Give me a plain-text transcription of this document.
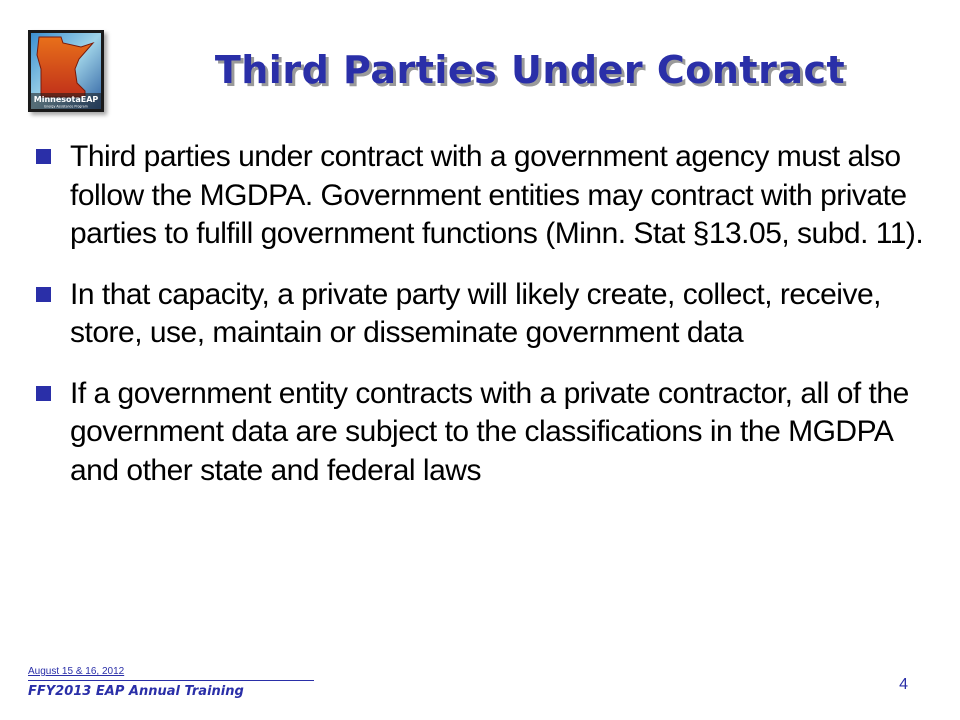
MinnesotaEAP
Energy Assistance Program
Third Parties Under Contract
Third parties under contract with a government agency must also follow the MGDPA. Government entities may contract with private parties to fulfill government functions (Minn. Stat §13.05, subd. 11).
In that capacity, a private party will likely create, collect, receive, store, use, maintain or disseminate government data
If a government entity contracts with a private contractor, all of the government data are subject to the classifications in the MGDPA and other state and federal laws
August 15 & 16, 2012
FFY2013 EAP Annual Training	4
